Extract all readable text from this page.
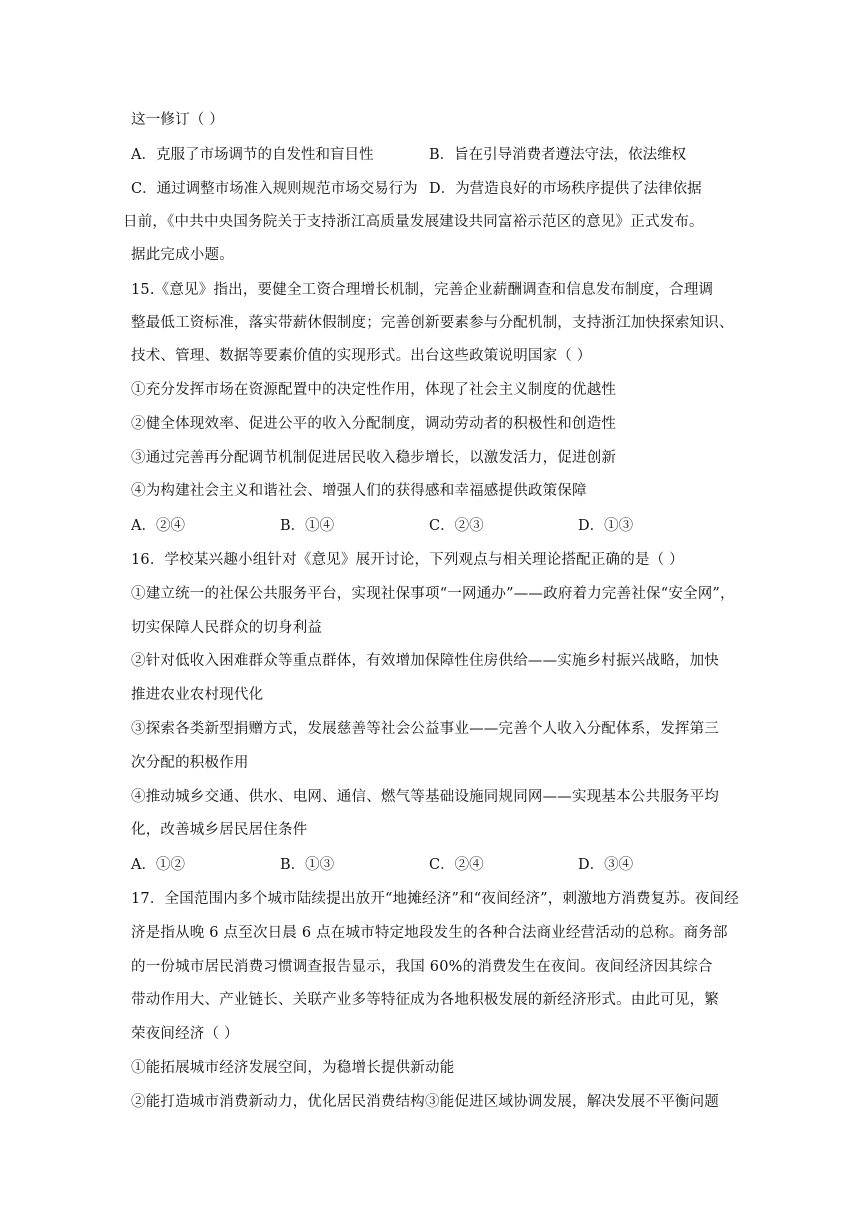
这一修订（ ）
A．克服了市场调节的自发性和盲目性	B．旨在引导消费者遵法守法，依法维权
C．通过调整市场准入规则规范市场交易行为 D．为营造良好的市场秩序提供了法律依据
日前，《中共中央国务院关于支持浙江高质量发展建设共同富裕示范区的意见》正式发布。
据此完成小题。
15.《意见》指出，要健全工资合理增长机制，完善企业薪酬调查和信息发布制度，合理调
整最低工资标准，落实带薪休假制度；完善创新要素参与分配机制，支持浙江加快探索知识、
技术、管理、数据等要素价值的实现形式。出台这些政策说明国家（ ）
①充分发挥市场在资源配置中的决定性作用，体现了社会主义制度的优越性
②健全体现效率、促进公平的收入分配制度，调动劳动者的积极性和创造性
③通过完善再分配调节机制促进居民收入稳步增长，以激发活力，促进创新
④为构建社会主义和谐社会、增强人们的获得感和幸福感提供政策保障
A．②④	B．①④	C．②③	D．①③
16．学校某兴趣小组针对《意见》展开讨论，下列观点与相关理论搭配正确的是（ ）
①建立统一的社保公共服务平台，实现社保事项“一网通办”——政府着力完善社保“安全网”，
切实保障人民群众的切身利益
②针对低收入困难群众等重点群体，有效增加保障性住房供给——实施乡村振兴战略，加快
推进农业农村现代化
③探索各类新型捐赠方式，发展慈善等社会公益事业——完善个人收入分配体系，发挥第三
次分配的积极作用
④推动城乡交通、供水、电网、通信、燃气等基础设施同规同网——实现基本公共服务平均
化，改善城乡居民居住条件
A．①②	B．①③	C．②④	D．③④
17．全国范围内多个城市陆续提出放开“地摊经济”和“夜间经济”，刺激地方消费复苏。夜间经
济是指从晚 6 点至次日晨 6 点在城市特定地段发生的各种合法商业经营活动的总称。商务部
的一份城市居民消费习惯调查报告显示，我国 60%的消费发生在夜间。夜间经济因其综合
带动作用大、产业链长、关联产业多等特征成为各地积极发展的新经济形式。由此可见，繁
荣夜间经济（ ）
①能拓展城市经济发展空间，为稳增长提供新动能
②能打造城市消费新动力，优化居民消费结构③能促进区域协调发展，解决发展不平衡问题
